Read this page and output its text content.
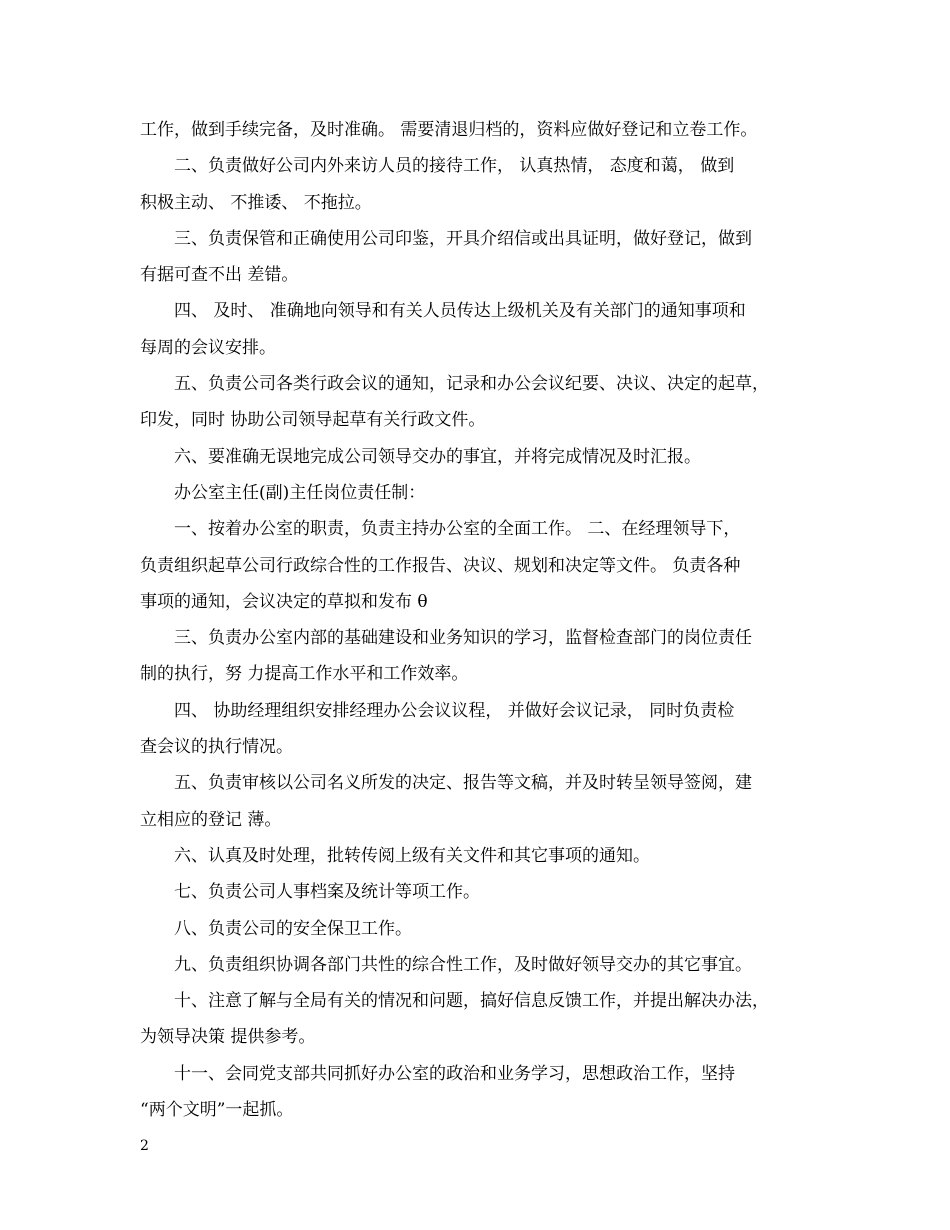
工作，做到手续完备，及时准确。 需要清退归档的，资料应做好登记和立卷工作。
二、负责做好公司内外来访人员的接待工作， 认真热情， 态度和蔼， 做到
积极主动、 不推诿、 不拖拉。
三、负责保管和正确使用公司印鉴，开具介绍信或出具证明，做好登记，做到
有据可查不出 差错。
四、 及时、 准确地向领导和有关人员传达上级机关及有关部门的通知事项和
每周的会议安排。
五、负责公司各类行政会议的通知，记录和办公会议纪要、决议、决定的起草，
印发，同时 协助公司领导起草有关行政文件。
六、要准确无误地完成公司领导交办的事宜，并将完成情况及时汇报。
办公室主任(副)主任岗位责任制：
一、按着办公室的职责，负责主持办公室的全面工作。 二、在经理领导下，
负责组织起草公司行政综合性的工作报告、决议、规划和决定等文件。 负责各种
事项的通知，会议决定的草拟和发布 θ
三、负责办公室内部的基础建设和业务知识的学习，监督检查部门的岗位责任
制的执行，努 力提高工作水平和工作效率。
四、 协助经理组织安排经理办公会议议程， 并做好会议记录， 同时负责检
查会议的执行情况。
五、负责审核以公司名义所发的决定、报告等文稿，并及时转呈领导签阅，建
立相应的登记 薄。
六、认真及时处理，批转传阅上级有关文件和其它事项的通知。
七、负责公司人事档案及统计等项工作。
八、负责公司的安全保卫工作。
九、负责组织协调各部门共性的综合性工作，及时做好领导交办的其它事宜。
十、注意了解与全局有关的情况和问题，搞好信息反馈工作，并提出解决办法，
为领导决策 提供参考。
十一、会同党支部共同抓好办公室的政治和业务学习，思想政治工作，坚持
“两个文明”一起抓。
2
